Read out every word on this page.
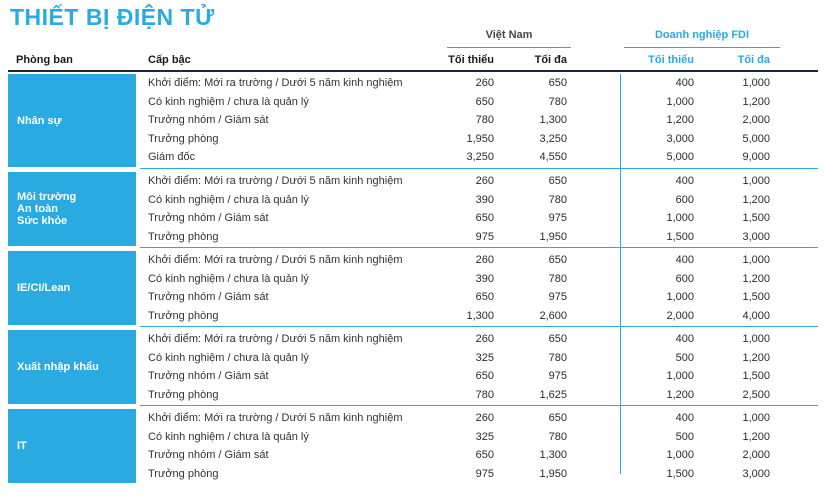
THIẾT BỊ ĐIỆN TỬ
Việt Nam	Doanh nghiệp FDI
Phòng ban	Cấp bậc	Tối thiểu	Tối đa	Tối thiểu	Tối đa
Nhân sự
Khởi điểm: Mới ra trường / Dưới 5 năm kinh nghiệm	260	650	400	1,000
Có kinh nghiệm / chưa là quản lý	650	780	1,000	1,200
Trưởng nhóm / Giám sát	780	1,300	1,200	2,000
Trưởng phòng	1,950	3,250	3,000	5,000
Giám đốc	3,250	4,550	5,000	9,000
Môi trường
An toàn
Sức khỏe
Khởi điểm: Mới ra trường / Dưới 5 năm kinh nghiệm	260	650	400	1,000
Có kinh nghiệm / chưa là quản lý	390	780	600	1,200
Trưởng nhóm / Giám sát	650	975	1,000	1,500
Trưởng phòng	975	1,950	1,500	3,000
IE/CI/Lean
Khởi điểm: Mới ra trường / Dưới 5 năm kinh nghiệm	260	650	400	1,000
Có kinh nghiệm / chưa là quản lý	390	780	600	1,200
Trưởng nhóm / Giám sát	650	975	1,000	1,500
Trưởng phòng	1,300	2,600	2,000	4,000
Xuất nhập khẩu
Khởi điểm: Mới ra trường / Dưới 5 năm kinh nghiệm	260	650	400	1,000
Có kinh nghiệm / chưa là quản lý	325	780	500	1,200
Trưởng nhóm / Giám sát	650	975	1,000	1,500
Trưởng phòng	780	1,625	1,200	2,500
IT
Khởi điểm: Mới ra trường / Dưới 5 năm kinh nghiệm	260	650	400	1,000
Có kinh nghiệm / chưa là quản lý	325	780	500	1,200
Trưởng nhóm / Giám sát	650	1,300	1,000	2,000
Trưởng phòng	975	1,950	1,500	3,000
